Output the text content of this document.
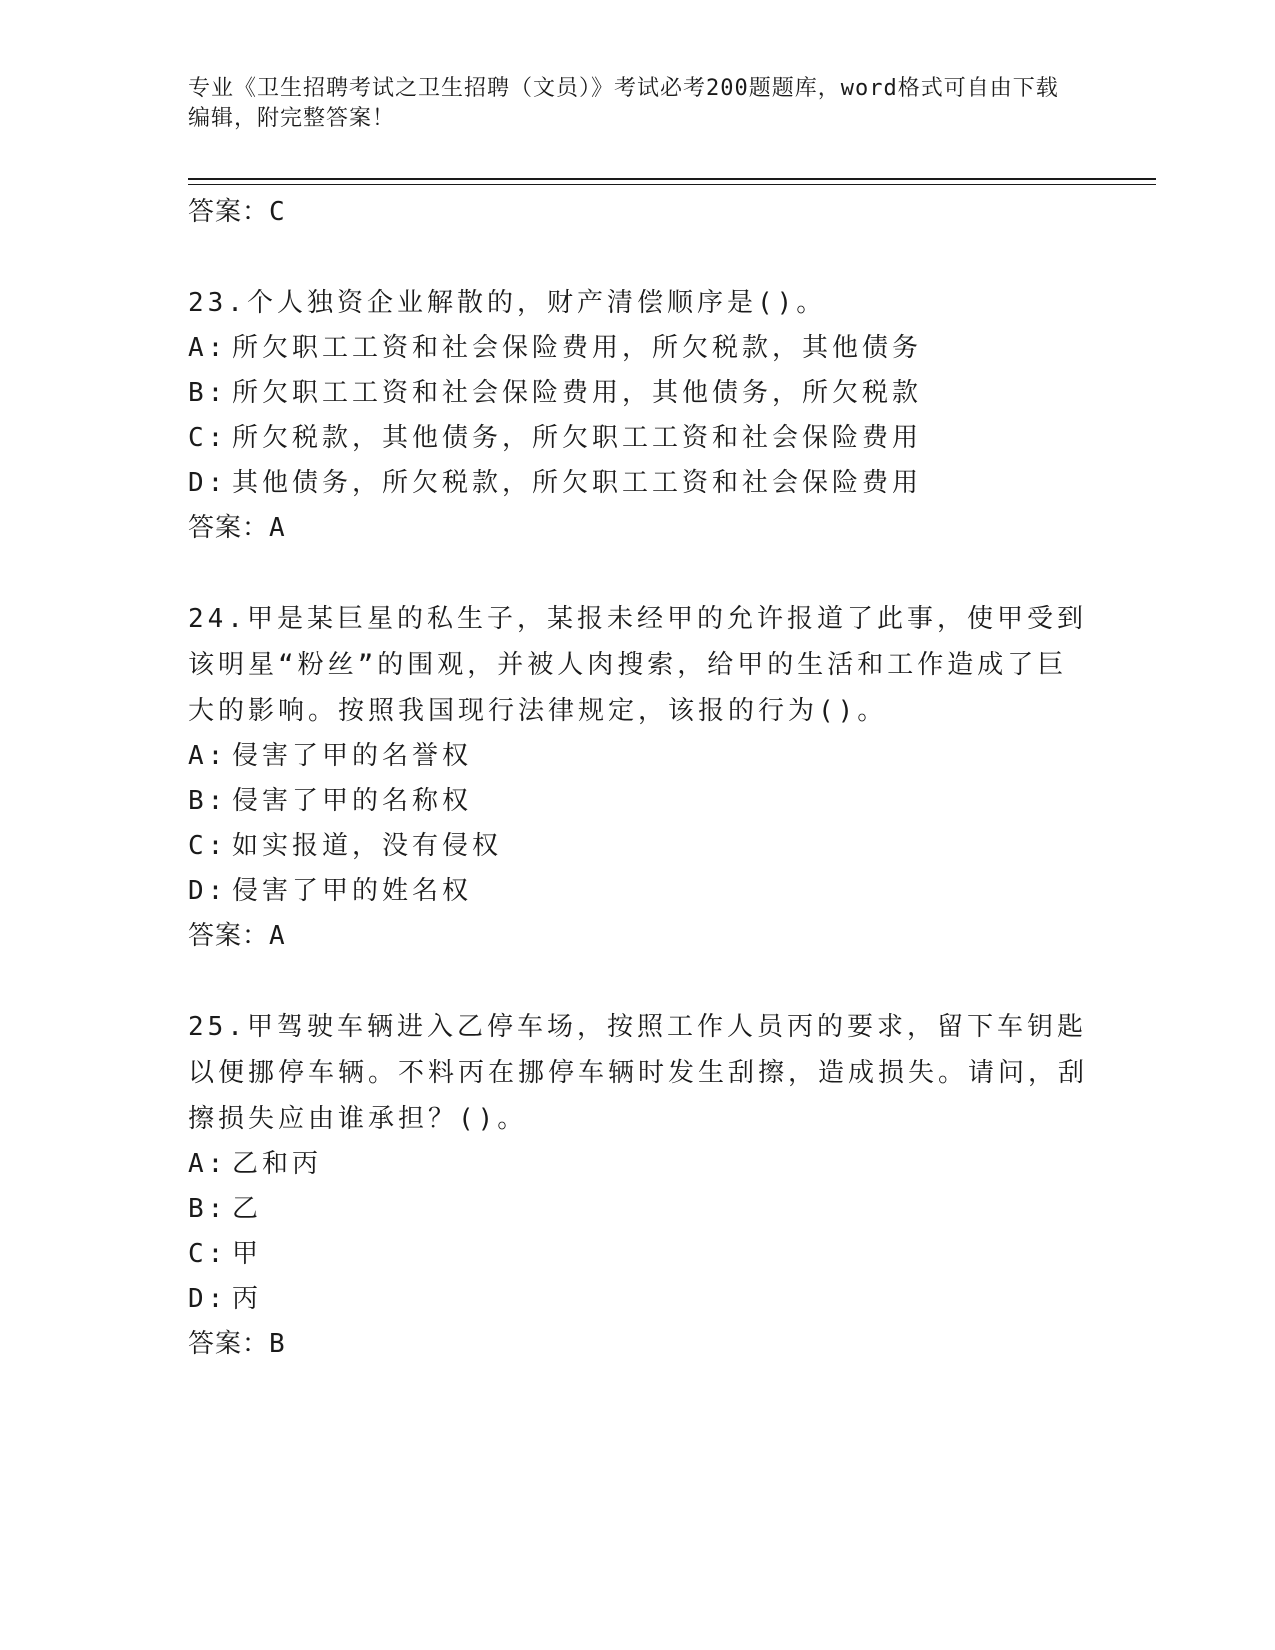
专业《卫生招聘考试之卫生招聘（文员）》考试必考200题题库，word格式可自由下载编辑，附完整答案！
答案：C
23.个人独资企业解散的，财产清偿顺序是()。
A: 所欠职工工资和社会保险费用，所欠税款，其他债务
B: 所欠职工工资和社会保险费用，其他债务，所欠税款
C: 所欠税款，其他债务，所欠职工工资和社会保险费用
D: 其他债务，所欠税款，所欠职工工资和社会保险费用
答案：A
24.甲是某巨星的私生子，某报未经甲的允许报道了此事，使甲受到该明星“粉丝”的围观，并被人肉搜索，给甲的生活和工作造成了巨大的影响。按照我国现行法律规定，该报的行为()。
A: 侵害了甲的名誉权
B: 侵害了甲的名称权
C: 如实报道，没有侵权
D: 侵害了甲的姓名权
答案：A
25.甲驾驶车辆进入乙停车场，按照工作人员丙的要求，留下车钥匙以便挪停车辆。不料丙在挪停车辆时发生刮擦，造成损失。请问，刮擦损失应由谁承担？()。
A: 乙和丙
B: 乙
C: 甲
D: 丙
答案：B
